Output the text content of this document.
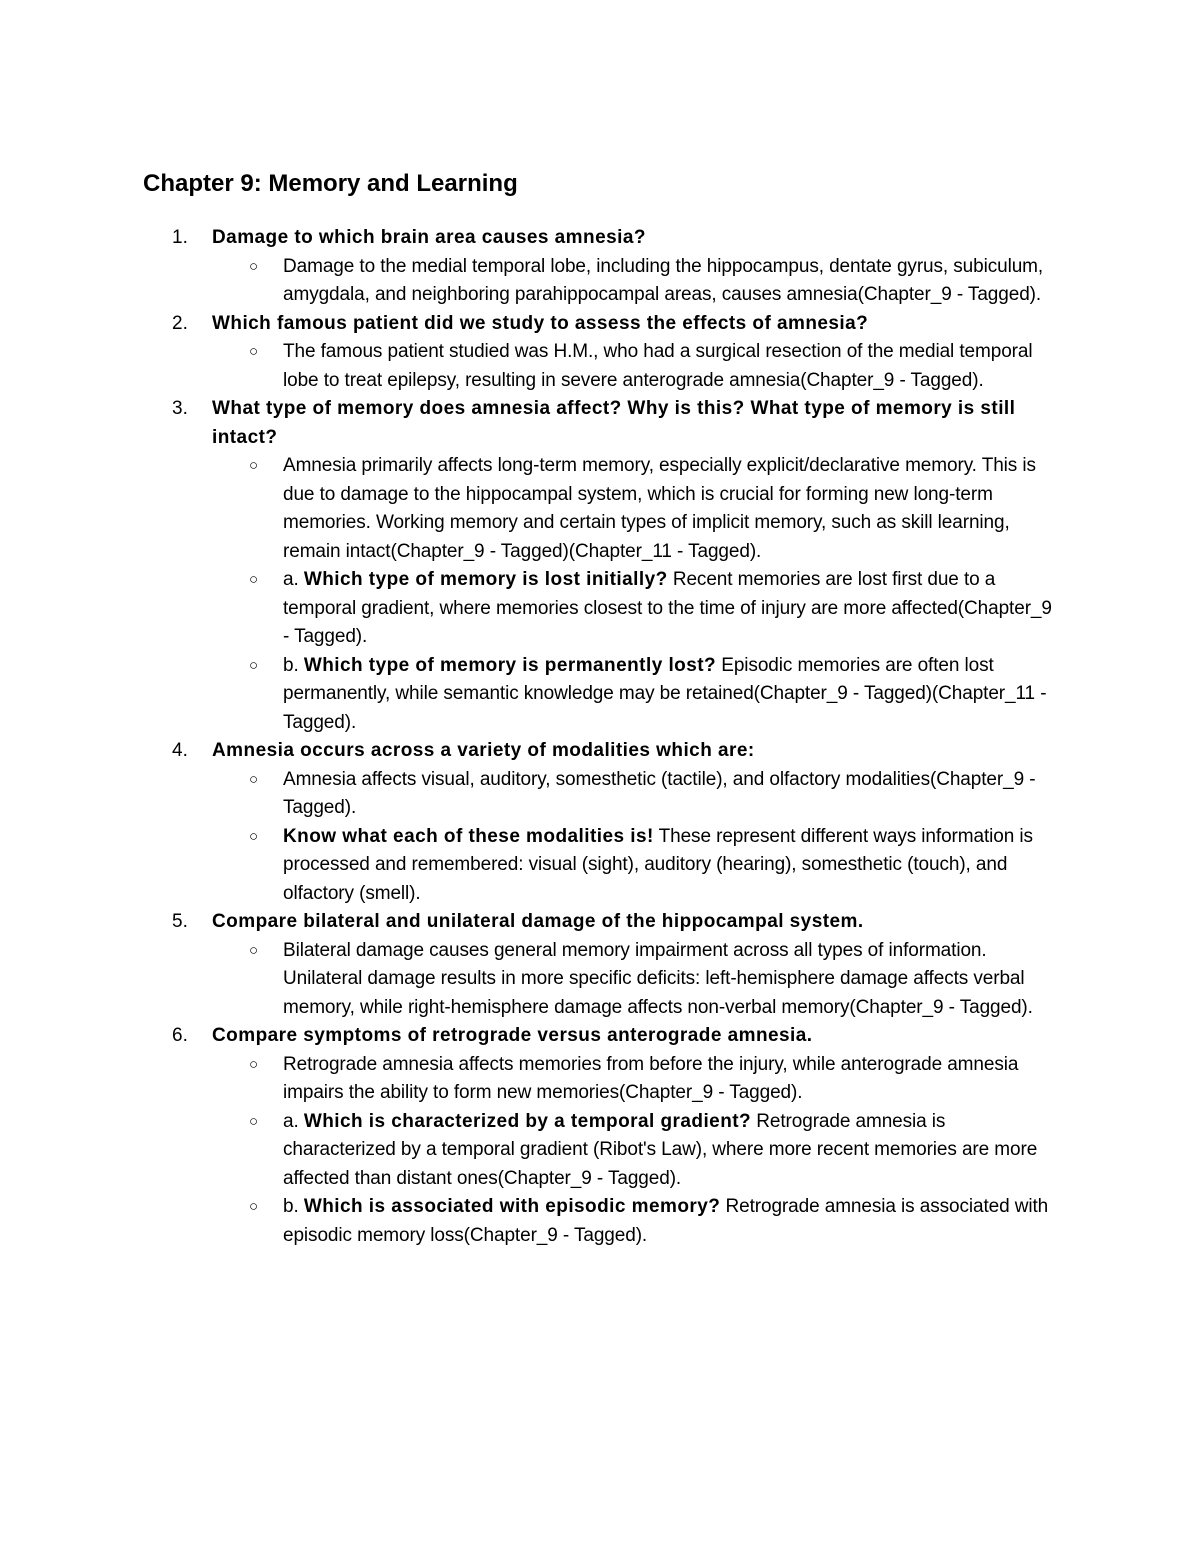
Chapter 9: Memory and Learning
1.	Damage to which brain area causes amnesia?
○ Damage to the medial temporal lobe, including the hippocampus, dentate gyrus, subiculum, amygdala, and neighboring parahippocampal areas, causes amnesia(Chapter_9 - Tagged).
2.	Which famous patient did we study to assess the effects of amnesia?
○ The famous patient studied was H.M., who had a surgical resection of the medial temporal lobe to treat epilepsy, resulting in severe anterograde amnesia(Chapter_9 - Tagged).
3.	What type of memory does amnesia affect? Why is this? What type of memory is still intact?
○ Amnesia primarily affects long-term memory, especially explicit/declarative memory. This is due to damage to the hippocampal system, which is crucial for forming new long-term memories. Working memory and certain types of implicit memory, such as skill learning, remain intact(Chapter_9 - Tagged)(Chapter_11 - Tagged).
○ a. Which type of memory is lost initially? Recent memories are lost first due to a temporal gradient, where memories closest to the time of injury are more affected(Chapter_9 - Tagged).
○ b. Which type of memory is permanently lost? Episodic memories are often lost permanently, while semantic knowledge may be retained(Chapter_9 - Tagged)(Chapter_11 - Tagged).
4.	Amnesia occurs across a variety of modalities which are:
○ Amnesia affects visual, auditory, somesthetic (tactile), and olfactory modalities(Chapter_9 - Tagged).
○ Know what each of these modalities is! These represent different ways information is processed and remembered: visual (sight), auditory (hearing), somesthetic (touch), and olfactory (smell).
5.	Compare bilateral and unilateral damage of the hippocampal system.
○ Bilateral damage causes general memory impairment across all types of information. Unilateral damage results in more specific deficits: left-hemisphere damage affects verbal memory, while right-hemisphere damage affects non-verbal memory(Chapter_9 - Tagged).
6.	Compare symptoms of retrograde versus anterograde amnesia.
○ Retrograde amnesia affects memories from before the injury, while anterograde amnesia impairs the ability to form new memories(Chapter_9 - Tagged).
○ a. Which is characterized by a temporal gradient? Retrograde amnesia is characterized by a temporal gradient (Ribot's Law), where more recent memories are more affected than distant ones(Chapter_9 - Tagged).
○ b. Which is associated with episodic memory? Retrograde amnesia is associated with episodic memory loss(Chapter_9 - Tagged).
